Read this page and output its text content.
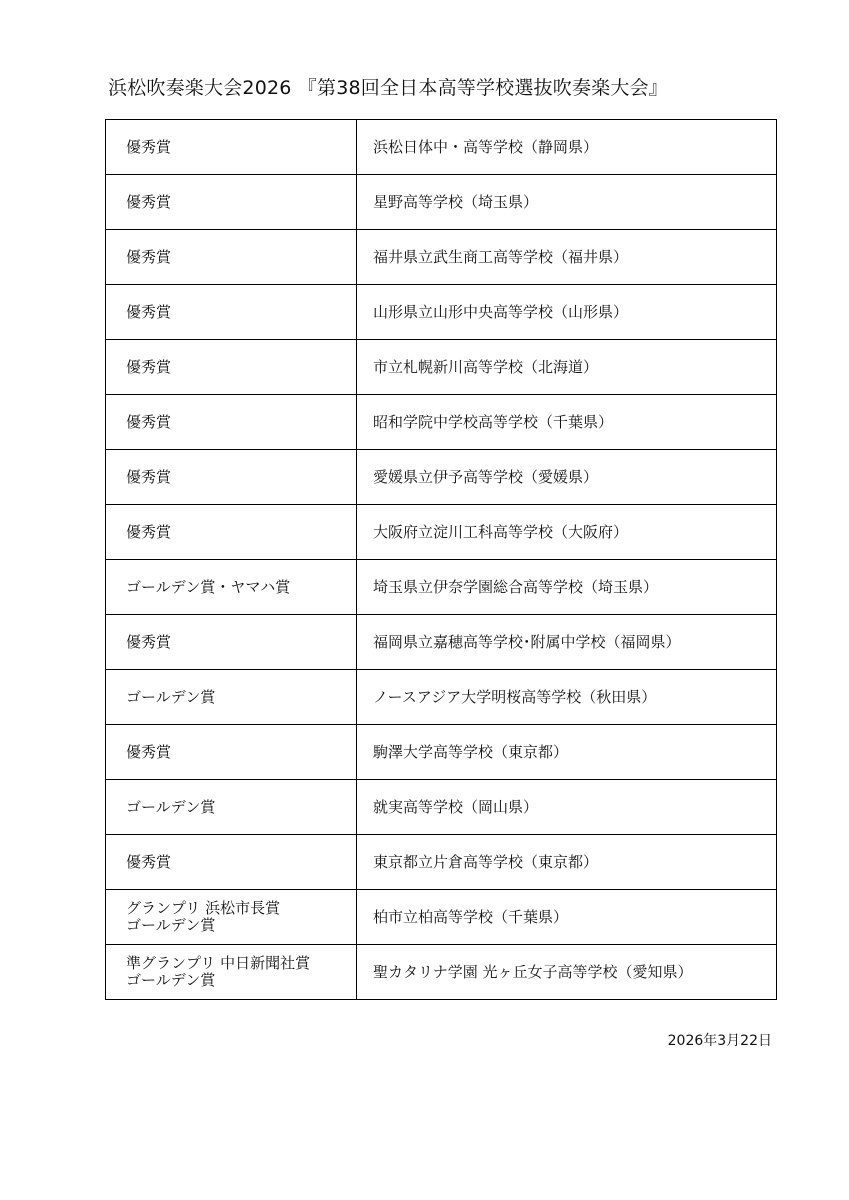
浜松吹奏楽大会2026 『第38回全日本高等学校選抜吹奏楽大会』
優秀賞	浜松日体中・高等学校（静岡県）

優秀賞	星野高等学校（埼玉県）

優秀賞	福井県立武生商工高等学校（福井県）

優秀賞	山形県立山形中央高等学校（山形県）

優秀賞	市立札幌新川高等学校（北海道）

優秀賞	昭和学院中学校高等学校（千葉県）

優秀賞	愛媛県立伊予高等学校（愛媛県）

優秀賞	大阪府立淀川工科高等学校（大阪府）

ゴールデン賞・ヤマハ賞	埼玉県立伊奈学園総合高等学校（埼玉県）

優秀賞	福岡県立嘉穂高等学校･附属中学校（福岡県）

ゴールデン賞	ノースアジア大学明桜高等学校（秋田県）

優秀賞	駒澤大学高等学校（東京都）

ゴールデン賞	就実高等学校（岡山県）

優秀賞	東京都立片倉高等学校（東京都）

グランプリ 浜松市長賞
ゴールデン賞	柏市立柏高等学校（千葉県）

準グランプリ 中日新聞社賞
ゴールデン賞	聖カタリナ学園 光ヶ丘女子高等学校（愛知県）
2026年3月22日
